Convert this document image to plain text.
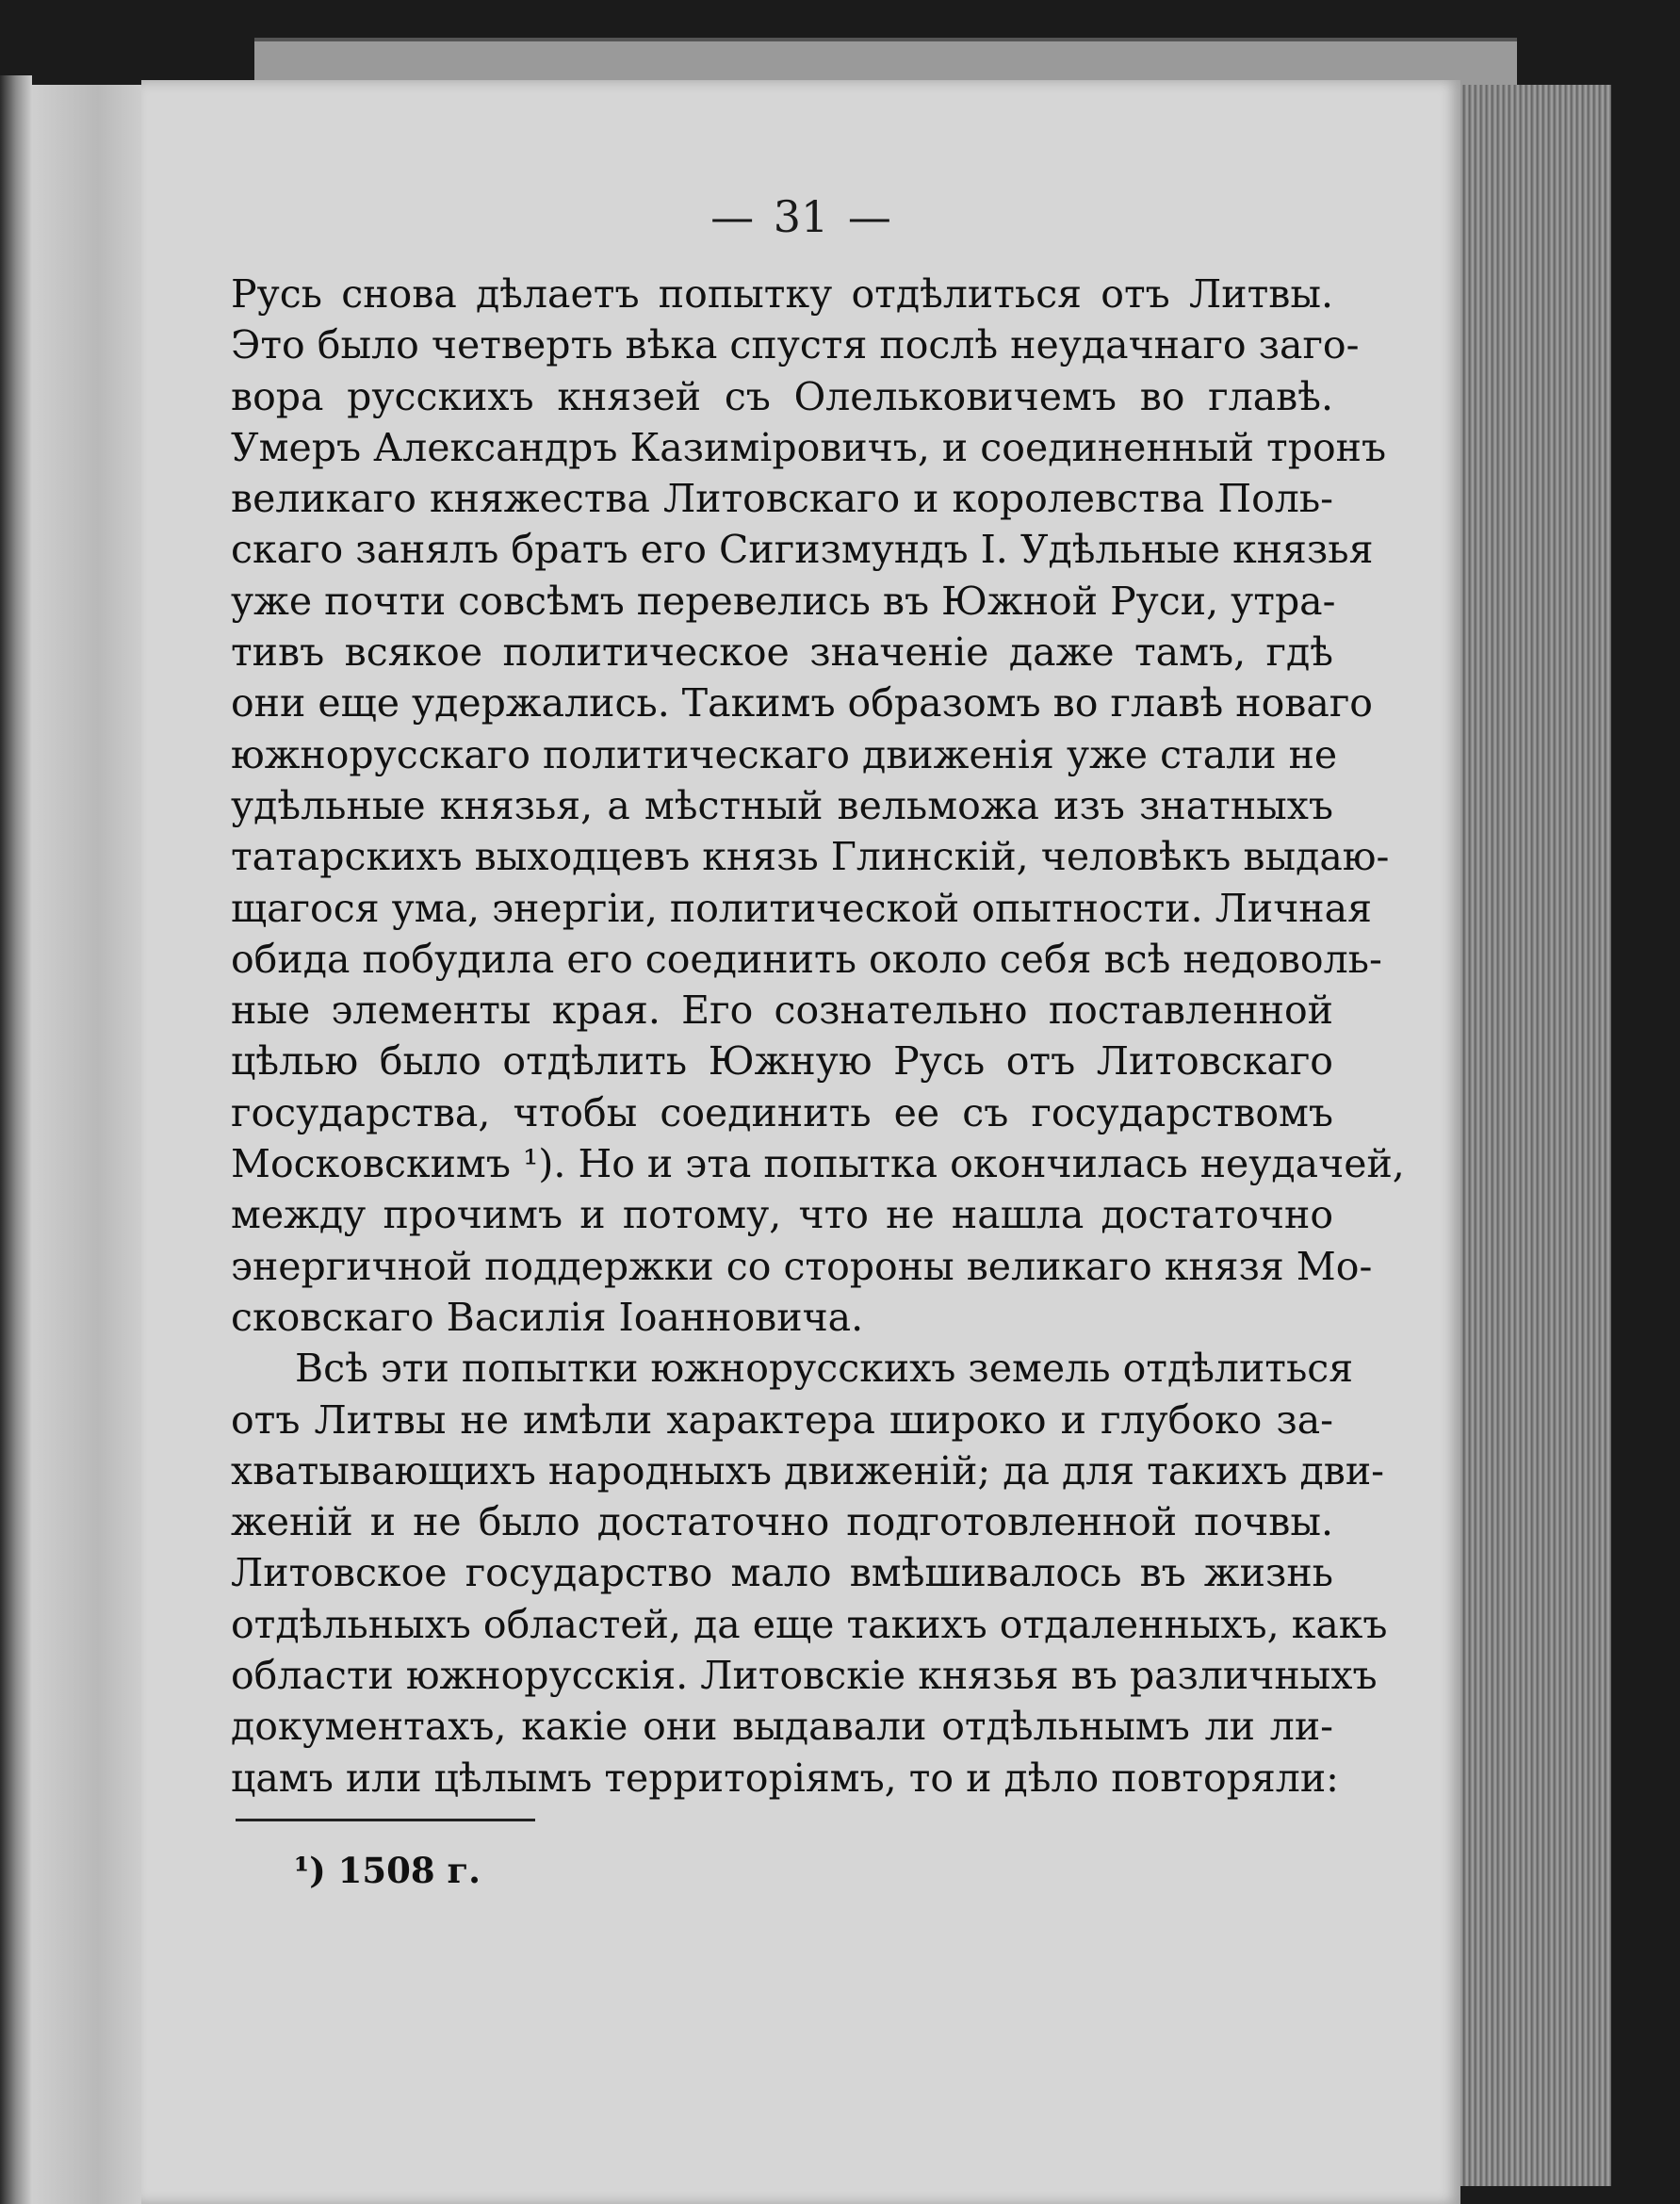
— 31 —
Русь снова дѣлаетъ попытку отдѣлиться отъ Литвы.
Это было четверть вѣка спустя послѣ неудачнаго заго-
вора русскихъ князей съ Олельковичемъ во главѣ.
Умеръ Александръ Казиміровичъ, и соединенный тронъ
великаго княжества Литовскаго и королевства Поль-
скаго занялъ братъ его Сигизмундъ I. Удѣльные князья
уже почти совсѣмъ перевелись въ Южной Руси, утра-
тивъ всякое политическое значеніе даже тамъ, гдѣ
они еще удержались. Такимъ образомъ во главѣ новаго
южнорусскаго политическаго движенія уже стали не
удѣльные князья, а мѣстный вельможа изъ знатныхъ
татарскихъ выходцевъ князь Глинскій, человѣкъ выдаю-
щагося ума, энергіи, политической опытности. Личная
обида побудила его соединить около себя всѣ недоволь-
ные элементы края. Его сознательно поставленной
цѣлью было отдѣлить Южную Русь отъ Литовскаго
государства, чтобы соединить ее съ государствомъ
Московскимъ ¹). Но и эта попытка окончилась неудачей,
между прочимъ и потому, что не нашла достаточно
энергичной поддержки со стороны великаго князя Мо-
сковскаго Василія Іоанновича.
Всѣ эти попытки южнорусскихъ земель отдѣлиться
отъ Литвы не имѣли характера широко и глубоко за-
хватывающихъ народныхъ движеній; да для такихъ дви-
женій и не было достаточно подготовленной почвы.
Литовское государство мало вмѣшивалось въ жизнь
отдѣльныхъ областей, да еще такихъ отдаленныхъ, какъ
области южнорусскія. Литовскіе князья въ различныхъ
документахъ, какіе они выдавали отдѣльнымъ ли ли-
цамъ или цѣлымъ территоріямъ, то и дѣло повторяли:
¹) 1508 г.
